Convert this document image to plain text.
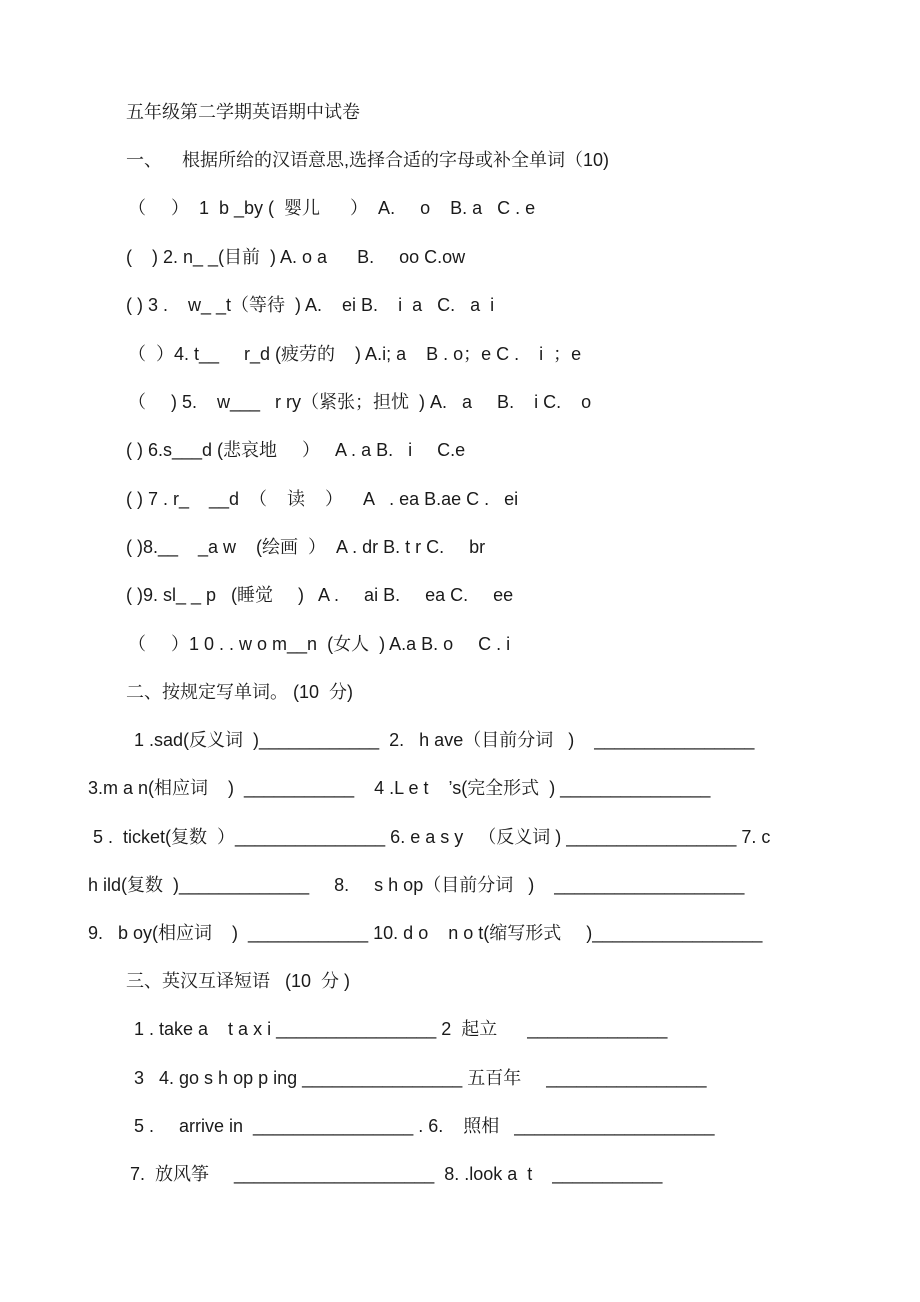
五年级第二学期英语期中试卷
一、    根据所给的汉语意思,选择合适的字母或补全单词（10)
（     ）  1  b _by (  婴儿      ）  A.     o    B. a   C . e
(    ) 2. n_ _(目前  ) A. o a      B.     oo C.ow
( ) 3 .    w_ _t（等待  ) A.    ei B.    i  a   C.   a  i
（  ）4. t__     r_d (疲劳的    ) A.i; a    B . o；e C .    i  ；e
（     ) 5.    w___   r ry（紧张；担忧  ) A.   a     B.    i C.    o
( ) 6.s___d (悲哀地     ）   A . a B.   i     C.e
( ) 7 . r_    __d  （    读    ）    A   . ea B.ae C .   ei
( )8.__    _a w    (绘画  ）  A . dr B. t r C.     br
( )9. sl_ _ p   (睡觉     )   A .     ai B.     ea C.     ee
（     ）1 0 . . w o m__n  (女人  ) A.a B. o     C . i
二、按规定写单词。 (10  分)
1 .sad(反义词  )____________  2.   h ave（目前分词   )    ________________
3.m a n(相应词    )  ___________    4 .L e t    ’s(完全形式  ) _______________
5 .  ticket(复数  ）_______________ 6. e a s y   （反义词 ) _________________ 7. c
h ild(复数  )_____________     8.     s h op（目前分词   )    ___________________
9.   b oy(相应词    )  ____________ 10. d o    n o t(缩写形式     )_________________
三、英汉互译短语   (10  分 )
1 . take a    t a x i ________________ 2  起立      ______________
3   4. go s h op p ing ________________ 五百年     ________________
5 .     arrive in  ________________ . 6.    照相   ____________________
7.  放风筝     ____________________  8. .look a  t    ___________
